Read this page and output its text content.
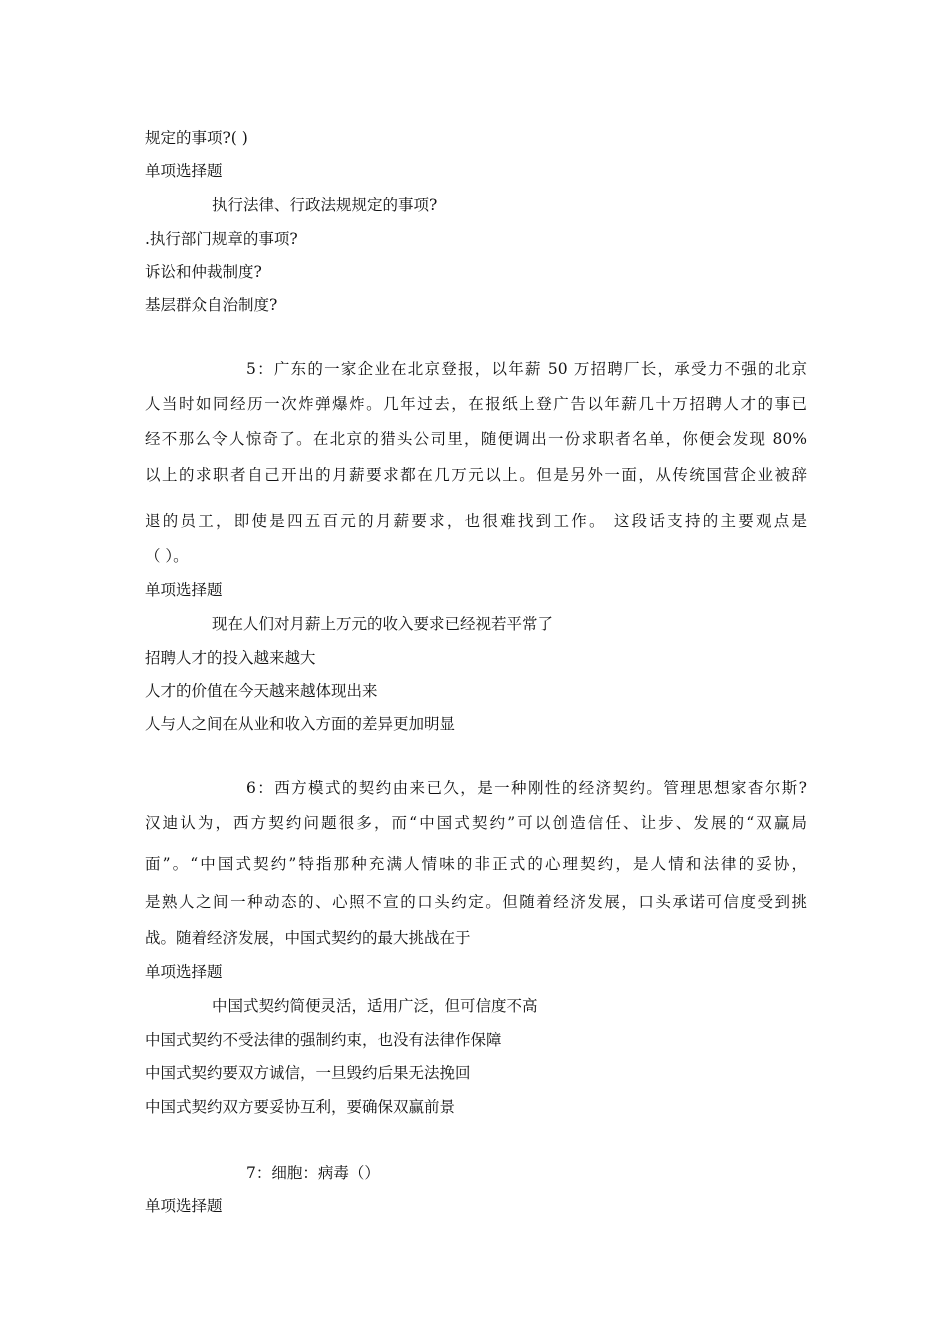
规定的事项?( )
单项选择题
执行法律、行政法规规定的事项?
.执行部门规章的事项?
诉讼和仲裁制度?
基层群众自治制度?
5：广东的一家企业在北京登报，以年薪 50 万招聘厂长，承受力不强的北京
人当时如同经历一次炸弹爆炸。几年过去，在报纸上登广告以年薪几十万招聘人才的事已
经不那么令人惊奇了。在北京的猎头公司里，随便调出一份求职者名单，你便会发现 80%
以上的求职者自己开出的月薪要求都在几万元以上。但是另外一面，从传统国营企业被辞
退的员工，即使是四五百元的月薪要求，也很难找到工作。 这段话支持的主要观点是
（ ）。
单项选择题
现在人们对月薪上万元的收入要求已经视若平常了
招聘人才的投入越来越大
人才的价值在今天越来越体现出来
人与人之间在从业和收入方面的差异更加明显
6：西方模式的契约由来已久，是一种刚性的经济契约。管理思想家杳尔斯?
汉迪认为，西方契约问题很多，而“中国式契约”可以创造信任、让步、发展的“双赢局
面”。“中国式契约”特指那种充满人情味的非正式的心理契约，是人情和法律的妥协，
是熟人之间一种动态的、心照不宣的口头约定。但随着经济发展，口头承诺可信度受到挑
战。随着经济发展，中国式契约的最大挑战在于
单项选择题
中国式契约简便灵活，适用广泛，但可信度不高
中国式契约不受法律的强制约束，也没有法律作保障
中国式契约要双方诚信，一旦毁约后果无法挽回
中国式契约双方要妥协互利，要确保双赢前景
7：细胞：病毒（）
单项选择题
